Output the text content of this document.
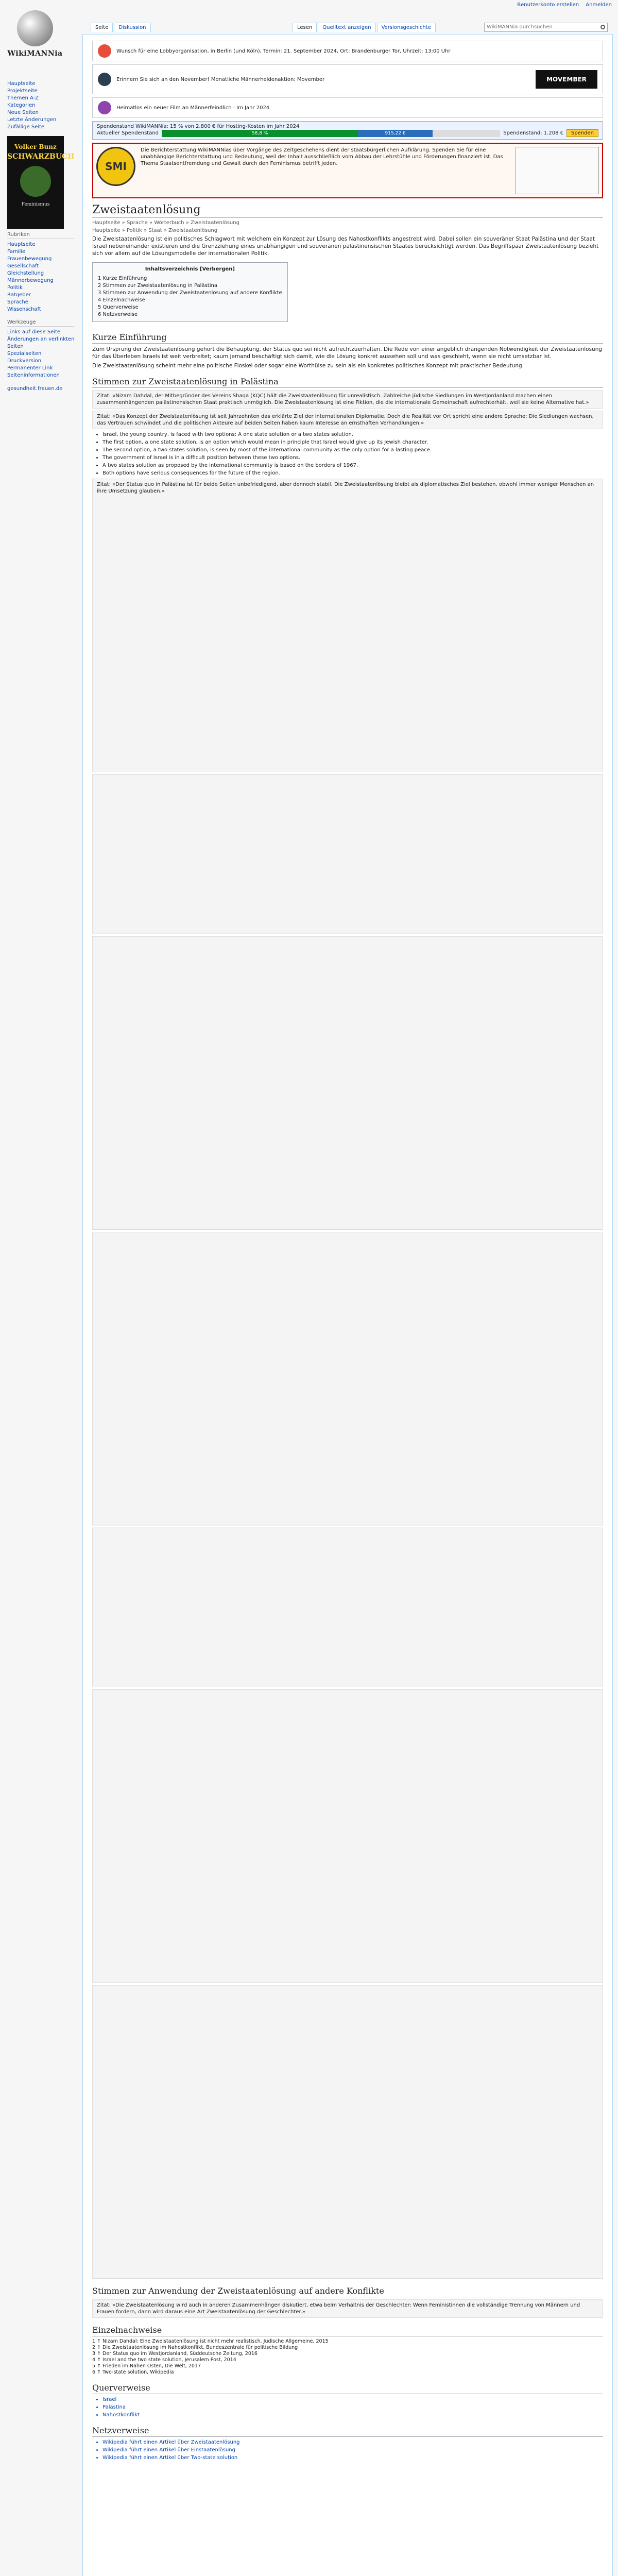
Benutzerkonto erstellen Anmelden
WikiMANNia
Seite Diskussion	Lesen Quelltext anzeigen Versionsgeschichte	WikiMANNia durchsuchen
Hauptseite
Projektseite
Themen A-Z
Kategorien
Neue Seiten
Letzte Änderungen
Zufällige Seite
Volker Bunz
SCHWARZBUCH
Feminismus
Rubriken
Hauptseite
Familie
Frauenbewegung
Gesellschaft
Gleichstellung
Männerbewegung
Politik
Ratgeber
Sprache
Wissenschaft
Werkzeuge
Links auf diese Seite
Änderungen an verlinkten Seiten
Spezialseiten
Druckversion
Permanenter Link
Seiteninformationen
gesundheit.frauen.de
Wunsch für eine Lobbyorganisation, in Berlin (und Köln), Termin: 21. September 2024, Ort: Brandenburger Tor, Uhrzeit: 13:00 Uhr
Erinnern Sie sich an den November! Monatliche Männerheldenaktion: Movember	MOVEMBER
Heimatlos ein neuer Film an Männerfeindlich · Im Jahr 2024
Spendenstand WikiMANNia: 15 % von 2.800 € für Hosting-Kosten im Jahr 2024
Aktueller Spendenstand	58,8 %	915,22 €	Spendenstand: 1.208 €	Spenden
SMI
Die Berichterstattung WikiMANNias über Vorgänge des Zeitgeschehens dient der staatsbürgerlichen Aufklärung. Spenden Sie für eine unabhängige Berichterstattung und Bedeutung, weil der Inhalt ausschließlich vom Abbau der Lehrstühle und Förderungen finanziert ist. Das Thema Staatsentfremdung und Gewalt durch den Feminismus betrifft jeden.
Zweistaatenlösung
Hauptseite » Sprache » Wörterbuch » Zweistaatenlösung
Hauptseite » Politik » Staat » Zweistaatenlösung

Die Zweistaatenlösung ist ein politisches Schlagwort mit welchem ein Konzept zur Lösung des Nahostkonflikts angestrebt wird. Dabei sollen ein souveräner Staat Palästina und der Staat Israel nebeneinander existieren und die Grenzziehung eines unabhängigen und souveränen palästinensischen Staates berücksichtigt werden. Das Begriffspaar Zweistaatenlösung bezieht sich vor allem auf die Lösungsmodelle der internationalen Politik.

Inhaltsverzeichnis [Verbergen]
1 Kurze Einführung
2 Stimmen zur Zweistaatenlösung in Palästina
3 Stimmen zur Anwendung der Zweistaatenlösung auf andere Konflikte
4 Einzelnachweise
5 Querverweise
6 Netzverweise
Kurze Einführung

Zum Ursprung der Zweistaatenlösung gehört die Behauptung, der Status quo sei nicht aufrechtzuerhalten. Die Rede von einer angeblich drängenden Notwendigkeit der Zweistaatenlösung für das Überleben Israels ist weit verbreitet; kaum jemand beschäftigt sich damit, wie die Lösung konkret aussehen soll und was geschieht, wenn sie nicht umsetzbar ist.

Die Zweistaatenlösung scheint mehr eine politische Floskel oder sogar eine Worthülse zu sein als ein konkretes politisches Konzept mit praktischer Bedeutung.

Stimmen zur Zweistaatenlösung in Palästina
Zitat: «Nizam Dahdal, der Mitbegründer des Vereins Shaqa (KQC) hält die Zweistaatenlösung für unrealistisch. Zahlreiche jüdische Siedlungen im Westjordanland machen einen zusammenhängenden palästinensischen Staat praktisch unmöglich. Die Zweistaatenlösung ist eine Fiktion, die die internationale Gemeinschaft aufrechterhält, weil sie keine Alternative hat.»
Zitat: «Das Konzept der Zweistaatenlösung ist seit Jahrzehnten das erklärte Ziel der internationalen Diplomatie. Doch die Realität vor Ort spricht eine andere Sprache: Die Siedlungen wachsen, das Vertrauen schwindet und die politischen Akteure auf beiden Seiten haben kaum Interesse an ernsthaften Verhandlungen.»
• Israel, the young country, is faced with two options: A one state solution or a two states solution.
• The first option, a one state solution, is an option which would mean in principle that Israel would give up its Jewish character.
• The second option, a two states solution, is seen by most of the international community as the only option for a lasting peace.
• The government of Israel is in a difficult position between these two options.
• A two states solution as proposed by the international community is based on the borders of 1967.
• Both options have serious consequences for the future of the region.
Zitat: «Der Status quo in Palästina ist für beide Seiten unbefriedigend, aber dennoch stabil. Die Zweistaatenlösung bleibt als diplomatisches Ziel bestehen, obwohl immer weniger Menschen an ihre Umsetzung glauben.»
Stimmen zur Anwendung der Zweistaatenlösung auf andere Konflikte
Zitat: «Die Zweistaatenlösung wird auch in anderen Zusammenhängen diskutiert, etwa beim Verhältnis der Geschlechter: Wenn Feministinnen die vollständige Trennung von Männern und Frauen fordern, dann wird daraus eine Art Zweistaatenlösung der Geschlechter.»
Einzelnachweise
1 ↑ Nizam Dahdal: Eine Zweistaatenlösung ist nicht mehr realistisch, Jüdische Allgemeine, 2015
2 ↑ Die Zweistaatenlösung im Nahostkonflikt, Bundeszentrale für politische Bildung
3 ↑ Der Status quo im Westjordanland, Süddeutsche Zeitung, 2016
4 ↑ Israel and the two state solution, Jerusalem Post, 2014
5 ↑ Frieden im Nahen Osten, Die Welt, 2017
6 ↑ Two-state solution, Wikipedia
Querverweise
• Israel
• Palästina
• Nahostkonflikt
Netzverweise
• Wikipedia führt einen Artikel über Zweistaatenlösung
• Wikipedia führt einen Artikel über Einstaatenlösung
• Wikipedia führt einen Artikel über Two-state solution
